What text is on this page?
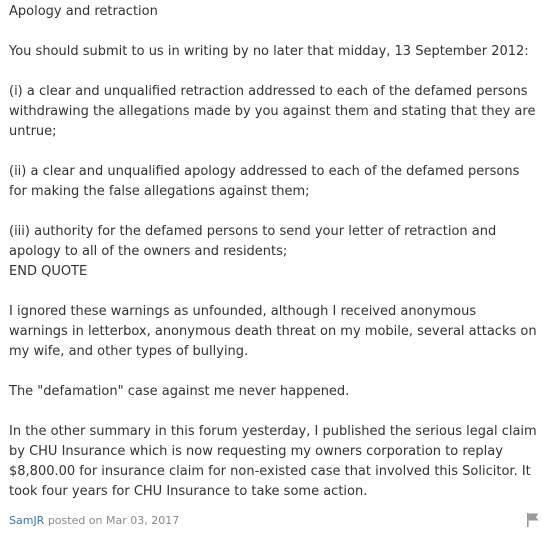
Apology and retraction

You should submit to us in writing by no later that midday, 13 September 2012:

(i) a clear and unqualified retraction addressed to each of the defamed persons withdrawing the allegations made by you against them and stating that they are untrue;

(ii) a clear and unqualified apology addressed to each of the defamed persons for making the false allegations against them;

(iii) authority for the defamed persons to send your letter of retraction and apology to all of the owners and residents;
END QUOTE

I ignored these warnings as unfounded, although I received anonymous warnings in letterbox, anonymous death threat on my mobile, several attacks on my wife, and other types of bullying.

The "defamation" case against me never happened.

In the other summary in this forum yesterday, I published the serious legal claim by CHU Insurance which is now requesting my owners corporation to replay $8,800.00 for insurance claim for non-existed case that involved this Solicitor. It took four years for CHU Insurance to take some action.

SamJR posted on Mar 03, 2017
